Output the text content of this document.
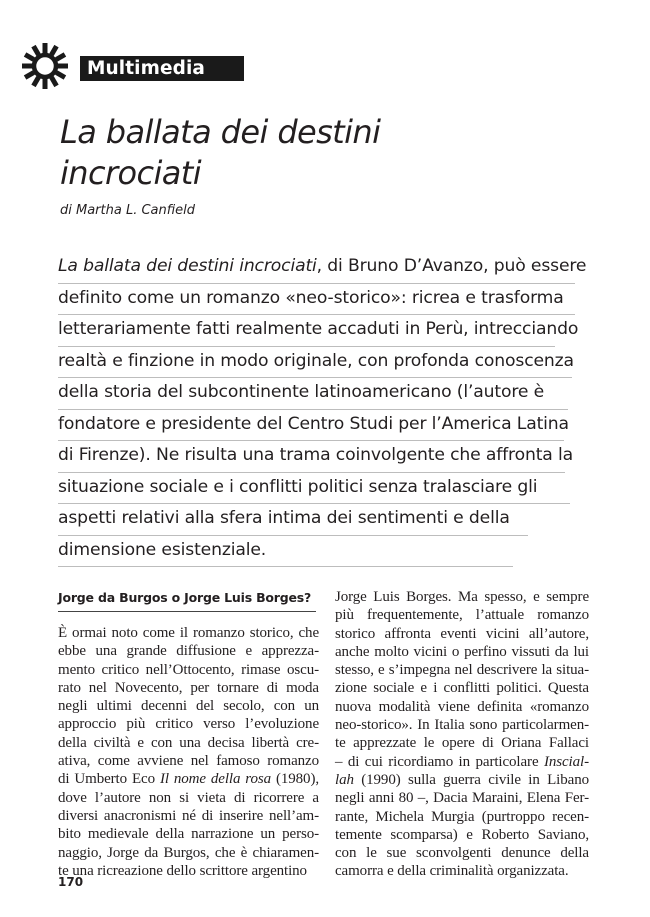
Multimedia
La ballata dei destini
incrociati
di Martha L. Canfield
La ballata dei destini incrociati, di Bruno D’Avanzo, può essere
definito come un romanzo «neo-storico»: ricrea e trasforma
letterariamente fatti realmente accaduti in Perù, intrecciando
realtà e finzione in modo originale, con profonda conoscenza
della storia del subcontinente latinoamericano (l’autore è
fondatore e presidente del Centro Studi per l’America Latina
di Firenze). Ne risulta una trama coinvolgente che affronta la
situazione sociale e i conflitti politici senza tralasciare gli
aspetti relativi alla sfera intima dei sentimenti e della
dimensione esistenziale.
Jorge da Burgos o Jorge Luis Borges?
È ormai noto come il romanzo storico, che
ebbe una grande diffusione e apprezza-
mento critico nell’Ottocento, rimase oscu-
rato nel Novecento, per tornare di moda
negli ultimi decenni del secolo, con un
approccio più critico verso l’evoluzione
della civiltà e con una decisa libertà cre-
ativa, come avviene nel famoso romanzo
di Umberto Eco Il nome della rosa (1980),
dove l’autore non si vieta di ricorrere a
diversi anacronismi né di inserire nell’am-
bito medievale della narrazione un perso-
naggio, Jorge da Burgos, che è chiaramen-
te una ricreazione dello scrittore argentino
Jorge Luis Borges. Ma spesso, e sempre
più frequentemente, l’attuale romanzo
storico affronta eventi vicini all’autore,
anche molto vicini o perfino vissuti da lui
stesso, e s’impegna nel descrivere la situa-
zione sociale e i conflitti politici. Questa
nuova modalità viene definita «romanzo
neo-storico». In Italia sono particolarmen-
te apprezzate le opere di Oriana Fallaci
– di cui ricordiamo in particolare Inscial-
lah (1990) sulla guerra civile in Libano
negli anni 80 –, Dacia Maraini, Elena Fer-
rante, Michela Murgia (purtroppo recen-
temente scomparsa) e Roberto Saviano,
con le sue sconvolgenti denunce della
camorra e della criminalità organizzata.
170
